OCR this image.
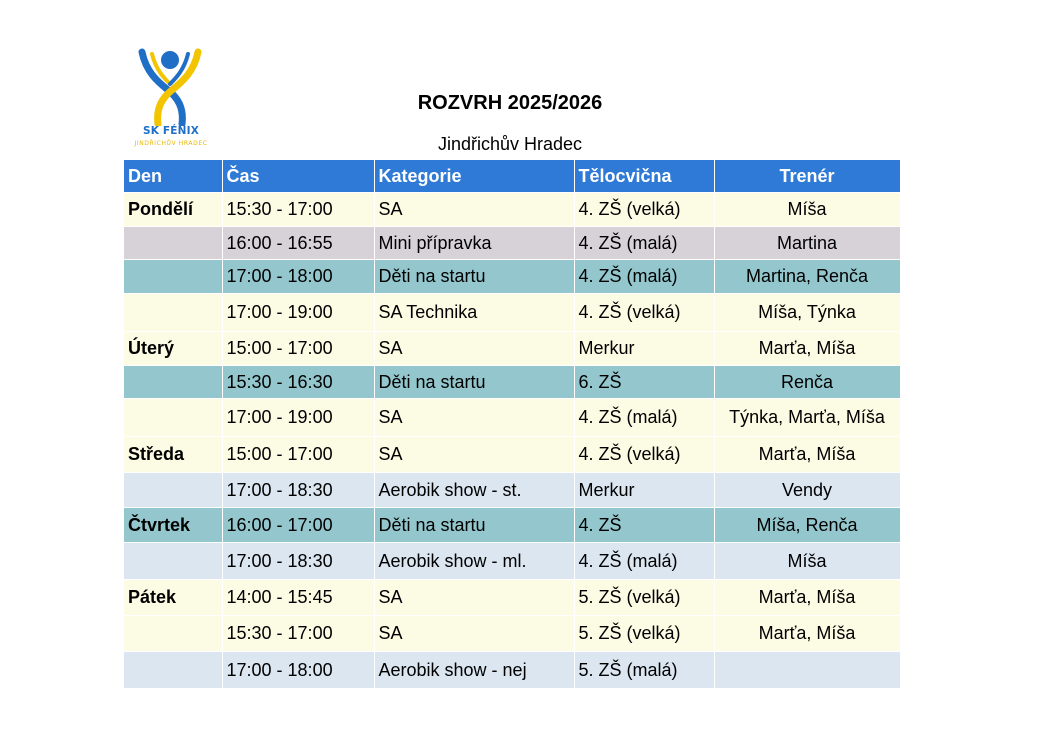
SK FÉNIX
JINDŘICHŮV HRADEC
ROZVRH 2025/2026
Jindřichův Hradec
Den	Čas	Kategorie	Tělocvična	Trenér
Pondělí	15:30 - 17:00	SA	4. ZŠ (velká)	Míša
	16:00 - 16:55	Mini přípravka	4. ZŠ (malá)	Martina
	17:00 - 18:00	Děti na startu	4. ZŠ (malá)	Martina, Renča
	17:00 - 19:00	SA Technika	4. ZŠ (velká)	Míša, Týnka
Úterý	15:00 - 17:00	SA	Merkur	Marťa, Míša
	15:30 - 16:30	Děti na startu	6. ZŠ	Renča
	17:00 - 19:00	SA	4. ZŠ (malá)	Týnka, Marťa, Míša
Středa	15:00 - 17:00	SA	4. ZŠ (velká)	Marťa, Míša
	17:00 - 18:30	Aerobik show - st.	Merkur	Vendy
Čtvrtek	16:00 - 17:00	Děti na startu	4. ZŠ	Míša, Renča
	17:00 - 18:30	Aerobik show - ml.	4. ZŠ (malá)	Míša
Pátek	14:00 - 15:45	SA	5. ZŠ (velká)	Marťa, Míša
	15:30 - 17:00	SA	5. ZŠ (velká)	Marťa, Míša
	17:00 - 18:00	Aerobik show - nej	5. ZŠ (malá)	
